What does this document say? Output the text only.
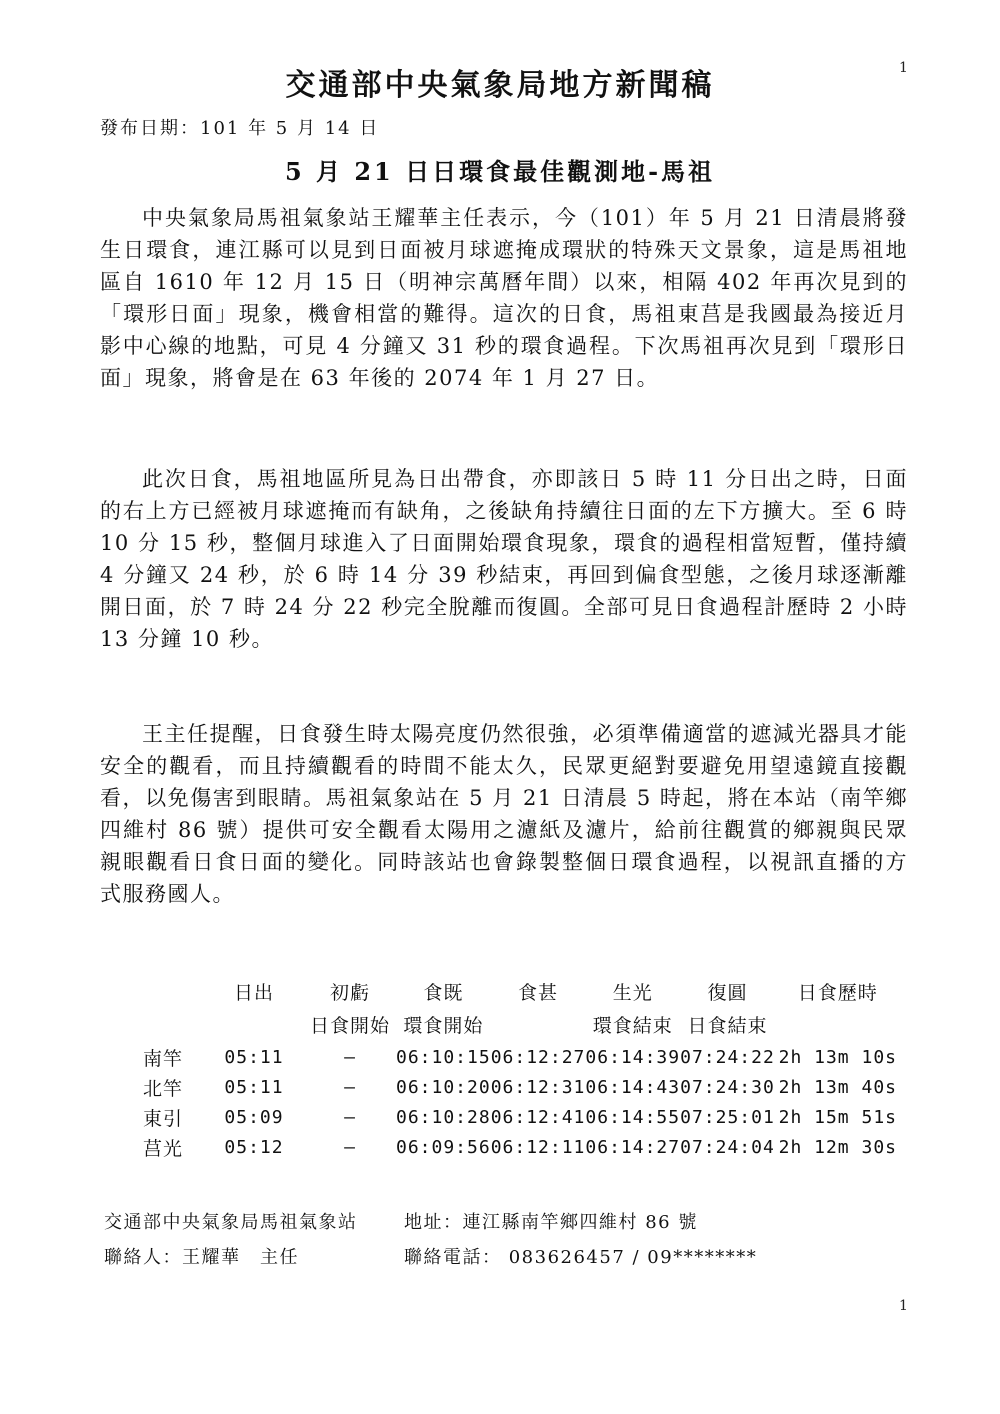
1
交通部中央氣象局地方新聞稿
發布日期：101 年 5 月 14 日
5 月 21 日日環食最佳觀測地-馬祖

中央氣象局馬祖氣象站王耀華主任表示，今（101）年 5 月 21 日清晨將發生日環食，連江縣可以見到日面被月球遮掩成環狀的特殊天文景象，這是馬祖地區自 1610 年 12 月 15 日（明神宗萬曆年間）以來，相隔 402 年再次見到的「環形日面」現象，機會相當的難得。這次的日食，馬祖東莒是我國最為接近月影中心線的地點，可見 4 分鐘又 31 秒的環食過程。下次馬祖再次見到「環形日面」現象，將會是在 63 年後的 2074 年 1 月 27 日。

此次日食，馬祖地區所見為日出帶食，亦即該日 5 時 11 分日出之時，日面的右上方已經被月球遮掩而有缺角，之後缺角持續往日面的左下方擴大。至 6 時 10 分 15 秒，整個月球進入了日面開始環食現象，環食的過程相當短暫，僅持續 4 分鐘又 24 秒，於 6 時 14 分 39 秒結束，再回到偏食型態，之後月球逐漸離開日面，於 7 時 24 分 22 秒完全脫離而復圓。全部可見日食過程計歷時 2 小時 13 分鐘 10 秒。

王主任提醒，日食發生時太陽亮度仍然很強，必須準備適當的遮減光器具才能安全的觀看，而且持續觀看的時間不能太久，民眾更絕對要避免用望遠鏡直接觀看，以免傷害到眼睛。馬祖氣象站在 5 月 21 日清晨 5 時起，將在本站（南竿鄉四維村 86 號）提供可安全觀看太陽用之濾紙及濾片，給前往觀賞的鄉親與民眾親眼觀看日食日面的變化。同時該站也會錄製整個日環食過程，以視訊直播的方式服務國人。

	日出	初虧	食既	食甚	生光	復圓	日食歷時
		日食開始	環食開始		環食結束	日食結束	
南竿	05:11	—	06:10:15	06:12:27	06:14:39	07:24:22	2h 13m 10s
北竿	05:11	—	06:10:20	06:12:31	06:14:43	07:24:30	2h 13m 40s
東引	05:09	—	06:10:28	06:12:41	06:14:55	07:25:01	2h 15m 51s
莒光	05:12	—	06:09:56	06:12:11	06:14:27	07:24:04	2h 12m 30s
交通部中央氣象局馬祖氣象站	地址：連江縣南竿鄉四維村 86 號
聯絡人：王耀華　主任	聯絡電話： 083626457 / 09********
1
